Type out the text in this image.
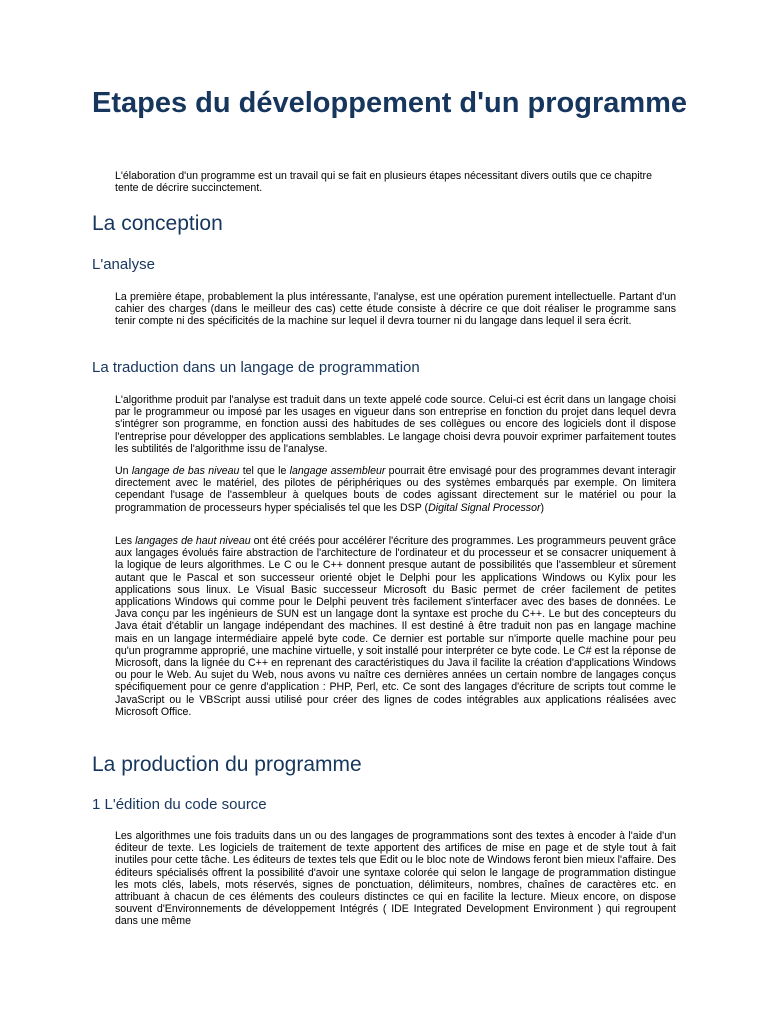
Etapes du développement d'un programme

L'élaboration d'un programme est un travail qui se fait en plusieurs étapes nécessitant divers outils que ce chapitre tente de décrire succinctement.

La conception
L'analyse

La première étape, probablement la plus intéressante, l'analyse, est une opération purement intellectuelle. Partant d'un cahier des charges (dans le meilleur des cas) cette étude consiste à décrire ce que doit réaliser le programme sans tenir compte ni des spécificités de la machine sur lequel il devra tourner ni du langage dans lequel il sera écrit.

La traduction dans un langage de programmation

L'algorithme produit par l'analyse est traduit dans un texte appelé code source. Celui-ci est écrit dans un langage choisi par le programmeur ou imposé par les usages en vigueur dans son entreprise en fonction du projet dans lequel devra s'intégrer son programme, en fonction aussi des habitudes de ses collègues ou encore des logiciels dont il dispose l'entreprise pour développer des applications semblables. Le langage choisi devra pouvoir exprimer parfaitement toutes les subtilités de l'algorithme issu de l'analyse.

Un langage de bas niveau tel que le langage assembleur pourrait être envisagé pour des programmes devant interagir directement avec le matériel, des pilotes de périphériques ou des systèmes embarqués par exemple. On limitera cependant l'usage de l'assembleur à quelques bouts de codes agissant directement sur le matériel ou pour la programmation de processeurs hyper spécialisés tel que les DSP (Digital Signal Processor)

Les langages de haut niveau ont été créés pour accélérer l'écriture des programmes. Les programmeurs peuvent grâce aux langages évolués faire abstraction de l'architecture de l'ordinateur et du processeur et se consacrer uniquement à la logique de leurs algorithmes. Le C ou le C++ donnent presque autant de possibilités que l'assembleur et sûrement autant que le Pascal et son successeur orienté objet le Delphi pour les applications Windows ou Kylix pour les applications sous linux. Le Visual Basic successeur Microsoft du Basic permet de créer facilement de petites applications Windows qui comme pour le Delphi peuvent très facilement s'interfacer avec des bases de données. Le Java conçu par les ingénieurs de SUN est un langage dont la syntaxe est proche du C++. Le but des concepteurs du Java était d'établir un langage indépendant des machines. Il est destiné à être traduit non pas en langage machine mais en un langage intermédiaire appelé byte code. Ce dernier est portable sur n'importe quelle machine pour peu qu'un programme approprié, une machine virtuelle, y soit installé pour interpréter ce byte code. Le C# est la réponse de Microsoft, dans la lignée du C++ en reprenant des caractéristiques du Java il facilite la création d'applications Windows ou pour le Web. Au sujet du Web, nous avons vu naître ces dernières années un certain nombre de langages conçus spécifiquement pour ce genre d'application : PHP, Perl, etc. Ce sont des langages d'écriture de scripts tout comme le JavaScript ou le VBScript aussi utilisé pour créer des lignes de codes intégrables aux applications réalisées avec Microsoft Office.

La production du programme
1 L'édition du code source

Les algorithmes une fois traduits dans un ou des langages de programmations sont des textes à encoder à l'aide d'un éditeur de texte. Les logiciels de traitement de texte apportent des artifices de mise en page et de style tout à fait inutiles pour cette tâche. Les éditeurs de textes tels que Edit ou le bloc note de Windows feront bien mieux l'affaire. Des éditeurs spécialisés offrent la possibilité d'avoir une syntaxe colorée qui selon le langage de programmation distingue les mots clés, labels, mots réservés, signes de ponctuation, délimiteurs, nombres, chaînes de caractères etc. en attribuant à chacun de ces éléments des couleurs distinctes ce qui en facilite la lecture. Mieux encore, on dispose souvent d'Environnements de développement Intégrés ( IDE Integrated Development Environment ) qui regroupent dans une même
